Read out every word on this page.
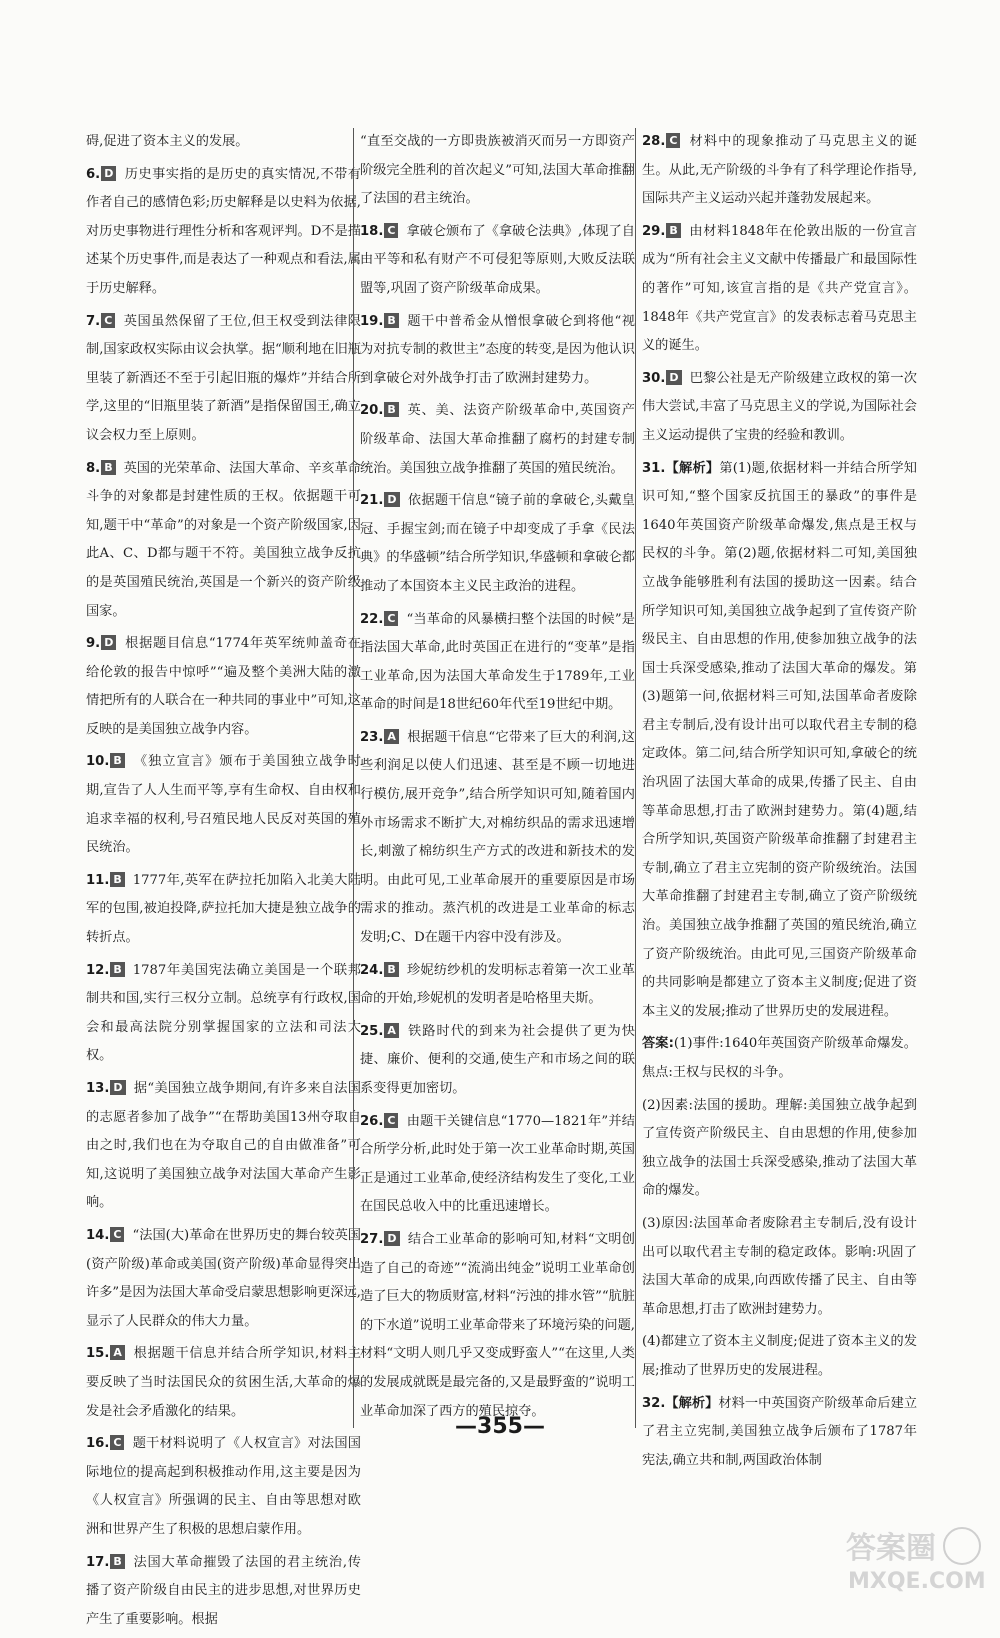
碍,促进了资本主义的发展。
6. D 历史事实指的是历史的真实情况,不带有作者自己的感情色彩;历史解释是以史料为依据,对历史事物进行理性分析和客观评判。D不是描述某个历史事件,而是表达了一种观点和看法,属于历史解释。
7. C 英国虽然保留了王位,但王权受到法律限制,国家政权实际由议会执掌。据“顺利地在旧瓶里装了新酒还不至于引起旧瓶的爆炸”并结合所学,这里的“旧瓶里装了新酒”是指保留国王,确立议会权力至上原则。
8. B 英国的光荣革命、法国大革命、辛亥革命斗争的对象都是封建性质的王权。依据题干可知,题干中“革命”的对象是一个资产阶级国家,因此A、C、D都与题干不符。美国独立战争反抗的是英国殖民统治,英国是一个新兴的资产阶级国家。
9. D 根据题目信息“1774年英军统帅盖奇在给伦敦的报告中惊呼”“遍及整个美洲大陆的激情把所有的人联合在一种共同的事业中”可知,这反映的是美国独立战争内容。
10. B 《独立宣言》颁布于美国独立战争时期,宣告了人人生而平等,享有生命权、自由权和追求幸福的权利,号召殖民地人民反对英国的殖民统治。
11. B 1777年,英军在萨拉托加陷入北美大陆军的包围,被迫投降,萨拉托加大捷是独立战争的转折点。
12. B 1787年美国宪法确立美国是一个联邦制共和国,实行三权分立制。总统享有行政权,国会和最高法院分别掌握国家的立法和司法大权。
13. D 据“美国独立战争期间,有许多来自法国的志愿者参加了战争”“在帮助美国13州夺取自由之时,我们也在为夺取自己的自由做准备”可知,这说明了美国独立战争对法国大革命产生影响。
14. C “法国(大)革命在世界历史的舞台较英国(资产阶级)革命或美国(资产阶级)革命显得突出许多”是因为法国大革命受启蒙思想影响更深远,显示了人民群众的伟大力量。
15. A 根据题干信息并结合所学知识,材料主要反映了当时法国民众的贫困生活,大革命的爆发是社会矛盾激化的结果。
16. C 题干材料说明了《人权宣言》对法国国际地位的提高起到积极推动作用,这主要是因为《人权宣言》所强调的民主、自由等思想对欧洲和世界产生了积极的思想启蒙作用。
17. B 法国大革命摧毁了法国的君主统治,传播了资产阶级自由民主的进步思想,对世界历史产生了重要影响。根据
“直至交战的一方即贵族被消灭而另一方即资产阶级完全胜利的首次起义”可知,法国大革命推翻了法国的君主统治。
18. C 拿破仑颁布了《拿破仑法典》,体现了自由平等和私有财产不可侵犯等原则,大败反法联盟等,巩固了资产阶级革命成果。
19. B 题干中普希金从憎恨拿破仑到将他“视为对抗专制的救世主”态度的转变,是因为他认识到拿破仑对外战争打击了欧洲封建势力。
20. B 英、美、法资产阶级革命中,英国资产阶级革命、法国大革命推翻了腐朽的封建专制统治。美国独立战争推翻了英国的殖民统治。
21. D 依据题干信息“镜子前的拿破仑,头戴皇冠、手握宝剑;而在镜子中却变成了手拿《民法典》的华盛顿”结合所学知识,华盛顿和拿破仑都推动了本国资本主义民主政治的进程。
22. C “当革命的风暴横扫整个法国的时候”是指法国大革命,此时英国正在进行的“变革”是指工业革命,因为法国大革命发生于1789年,工业革命的时间是18世纪60年代至19世纪中期。
23. A 根据题干信息“它带来了巨大的利润,这些利润足以使人们迅速、甚至是不顾一切地进行模仿,展开竞争”,结合所学知识可知,随着国内外市场需求不断扩大,对棉纺织品的需求迅速增长,刺激了棉纺织生产方式的改进和新技术的发明。由此可见,工业革命展开的重要原因是市场需求的推动。蒸汽机的改进是工业革命的标志发明;C、D在题干内容中没有涉及。
24. B 珍妮纺纱机的发明标志着第一次工业革命的开始,珍妮机的发明者是哈格里夫斯。
25. A 铁路时代的到来为社会提供了更为快捷、廉价、便利的交通,使生产和市场之间的联系变得更加密切。
26. C 由题干关键信息“1770—1821年”并结合所学分析,此时处于第一次工业革命时期,英国正是通过工业革命,使经济结构发生了变化,工业在国民总收入中的比重迅速增长。
27. D 结合工业革命的影响可知,材料“文明创造了自己的奇迹”“流淌出纯金”说明工业革命创造了巨大的物质财富,材料“污浊的排水管”“肮脏的下水道”说明工业革命带来了环境污染的问题,材料“文明人则几乎又变成野蛮人”“在这里,人类的发展成就既是最完备的,又是最野蛮的”说明工业革命加深了西方的殖民掠夺。
28. C 材料中的现象推动了马克思主义的诞生。从此,无产阶级的斗争有了科学理论作指导,国际共产主义运动兴起并蓬勃发展起来。
29. B 由材料1848年在伦敦出版的一份宣言成为“所有社会主义文献中传播最广和最国际性的著作”可知,该宣言指的是《共产党宣言》。1848年《共产党宣言》的发表标志着马克思主义的诞生。
30. D 巴黎公社是无产阶级建立政权的第一次伟大尝试,丰富了马克思主义的学说,为国际社会主义运动提供了宝贵的经验和教训。
31.【解析】第(1)题,依据材料一并结合所学知识可知,“整个国家反抗国王的暴政”的事件是1640年英国资产阶级革命爆发,焦点是王权与民权的斗争。第(2)题,依据材料二可知,美国独立战争能够胜利有法国的援助这一因素。结合所学知识可知,美国独立战争起到了宣传资产阶级民主、自由思想的作用,使参加独立战争的法国士兵深受感染,推动了法国大革命的爆发。第(3)题第一问,依据材料三可知,法国革命者废除君主专制后,没有设计出可以取代君主专制的稳定政体。第二问,结合所学知识可知,拿破仑的统治巩固了法国大革命的成果,传播了民主、自由等革命思想,打击了欧洲封建势力。第(4)题,结合所学知识,英国资产阶级革命推翻了封建君主专制,确立了君主立宪制的资产阶级统治。法国大革命推翻了封建君主专制,确立了资产阶级统治。美国独立战争推翻了英国的殖民统治,确立了资产阶级统治。由此可见,三国资产阶级革命的共同影响是都建立了资本主义制度;促进了资本主义的发展;推动了世界历史的发展进程。
答案:(1)事件:1640年英国资产阶级革命爆发。焦点:王权与民权的斗争。
(2)因素:法国的援助。理解:美国独立战争起到了宣传资产阶级民主、自由思想的作用,使参加独立战争的法国士兵深受感染,推动了法国大革命的爆发。
(3)原因:法国革命者废除君主专制后,没有设计出可以取代君主专制的稳定政体。影响:巩固了法国大革命的成果,向西欧传播了民主、自由等革命思想,打击了欧洲封建势力。
(4)都建立了资本主义制度;促进了资本主义的发展;推动了世界历史的发展进程。
32.【解析】材料一中英国资产阶级革命后建立了君主立宪制,美国独立战争后颁布了1787年宪法,确立共和制,两国政治体制
—355—
答案圈
MXQE.COM
